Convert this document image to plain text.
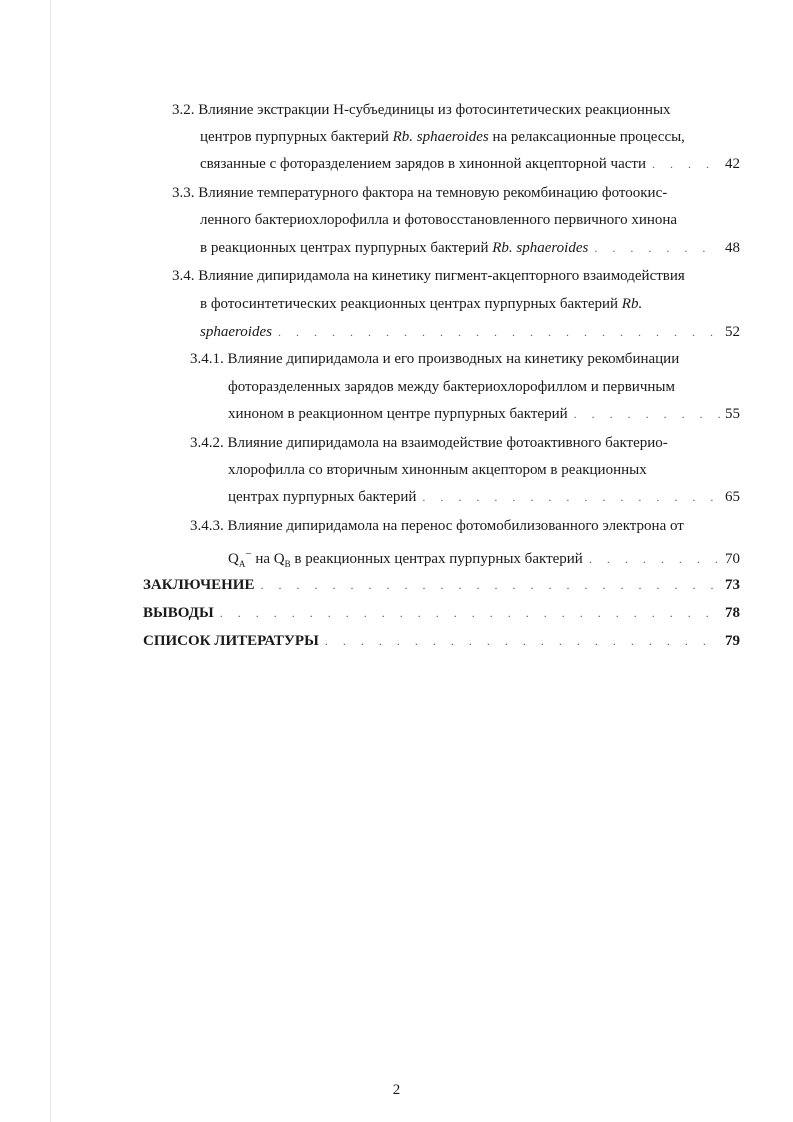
3.2. Влияние экстракции Н-субъединицы из фотосинтетических реакционных
центров пурпурных бактерий Rb. sphaeroides на релаксационные процессы,
связанные с фоторазделением зарядов в хинонной акцепторной части . . .	42
3.3. Влияние температурного фактора на темновую рекомбинацию фотоокис-
ленного бактериохлорофилла и фотовосстановленного первичного хинона
в реакционных центрах пурпурных бактерий Rb. sphaeroides . . .	48
3.4. Влияние дипиридамола на кинетику пигмент-акцепторного взаимодействия
в фотосинтетических реакционных центрах пурпурных бактерий Rb.
sphaeroides . . .	52
3.4.1. Влияние дипиридамола и его производных на кинетику рекомбинации
фоторазделенных зарядов между бактериохлорофиллом и первичным
хиноном в реакционном центре пурпурных бактерий . . .	55
3.4.2. Влияние дипиридамола на взаимодействие фотоактивного бактерио-
хлорофилла со вторичным хинонным акцептором в реакционных
центрах пурпурных бактерий . . .	65
3.4.3. Влияние дипиридамола на перенос фотомобилизованного электрона от
$Q_A^-$ на $Q_B$ в реакционных центрах пурпурных бактерий . . .	70
ЗАКЛЮЧЕНИЕ . . .	73
ВЫВОДЫ . . .	78
СПИСОК ЛИТЕРАТУРЫ . . .	79
2
